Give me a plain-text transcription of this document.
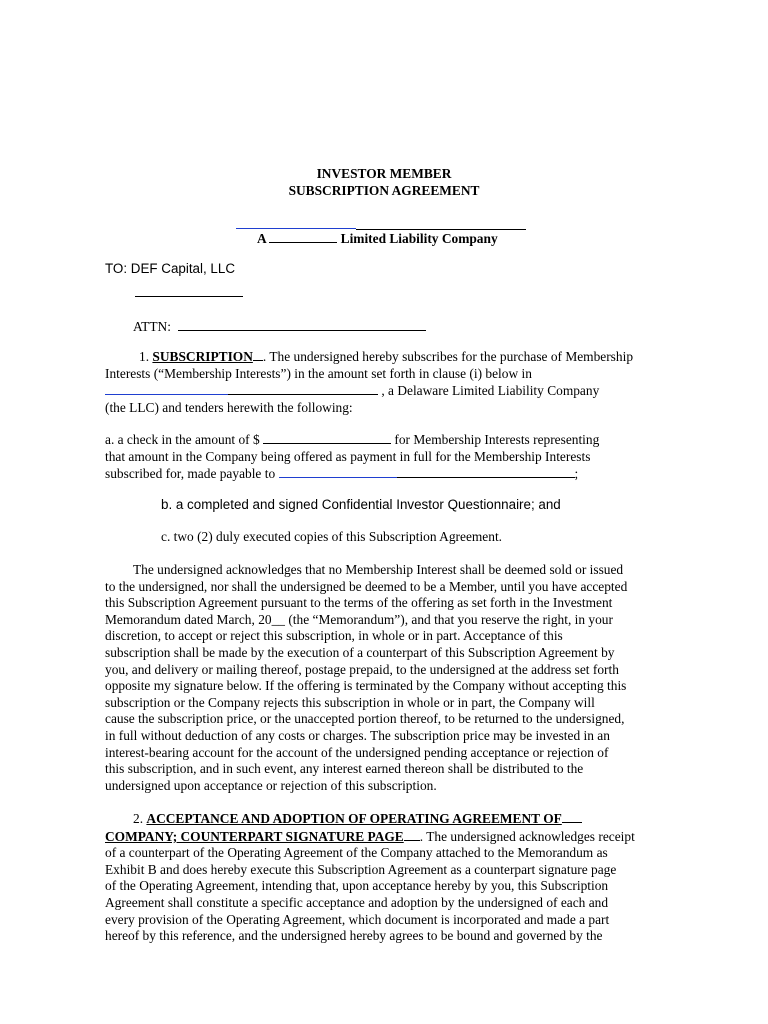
INVESTOR MEMBER
SUBSCRIPTION AGREEMENT
A	Limited Liability Company
TO: DEF Capital, LLC
ATTN:
1. SUBSCRIPTION . The undersigned hereby subscribes for the purchase of Membership
Interests (“Membership Interests”) in the amount set forth in clause (i) below in
, a Delaware Limited Liability Company
(the LLC) and tenders herewith the following:
a. a check in the amount of $	for Membership Interests representing
that amount in the Company being offered as payment in full for the Membership Interests
subscribed for, made payable to	;
b. a completed and signed Confidential Investor Questionnaire; and
c. two (2) duly executed copies of this Subscription Agreement.
The undersigned acknowledges that no Membership Interest shall be deemed sold or issued
to the undersigned, nor shall the undersigned be deemed to be a Member, until you have accepted
this Subscription Agreement pursuant to the terms of the offering as set forth in the Investment
Memorandum dated March, 20__ (the “Memorandum”), and that you reserve the right, in your
discretion, to accept or reject this subscription, in whole or in part. Acceptance of this
subscription shall be made by the execution of a counterpart of this Subscription Agreement by
you, and delivery or mailing thereof, postage prepaid, to the undersigned at the address set forth
opposite my signature below. If the offering is terminated by the Company without accepting this
subscription or the Company rejects this subscription in whole or in part, the Company will
cause the subscription price, or the unaccepted portion thereof, to be returned to the undersigned,
in full without deduction of any costs or charges. The subscription price may be invested in an
interest-bearing account for the account of the undersigned pending acceptance or rejection of
this subscription, and in such event, any interest earned thereon shall be distributed to the
undersigned upon acceptance or rejection of this subscription.
2. ACCEPTANCE AND ADOPTION OF OPERATING AGREEMENT OF
COMPANY; COUNTERPART SIGNATURE PAGE . The undersigned acknowledges receipt
of a counterpart of the Operating Agreement of the Company attached to the Memorandum as
Exhibit B and does hereby execute this Subscription Agreement as a counterpart signature page
of the Operating Agreement, intending that, upon acceptance hereby by you, this Subscription
Agreement shall constitute a specific acceptance and adoption by the undersigned of each and
every provision of the Operating Agreement, which document is incorporated and made a part
hereof by this reference, and the undersigned hereby agrees to be bound and governed by the
